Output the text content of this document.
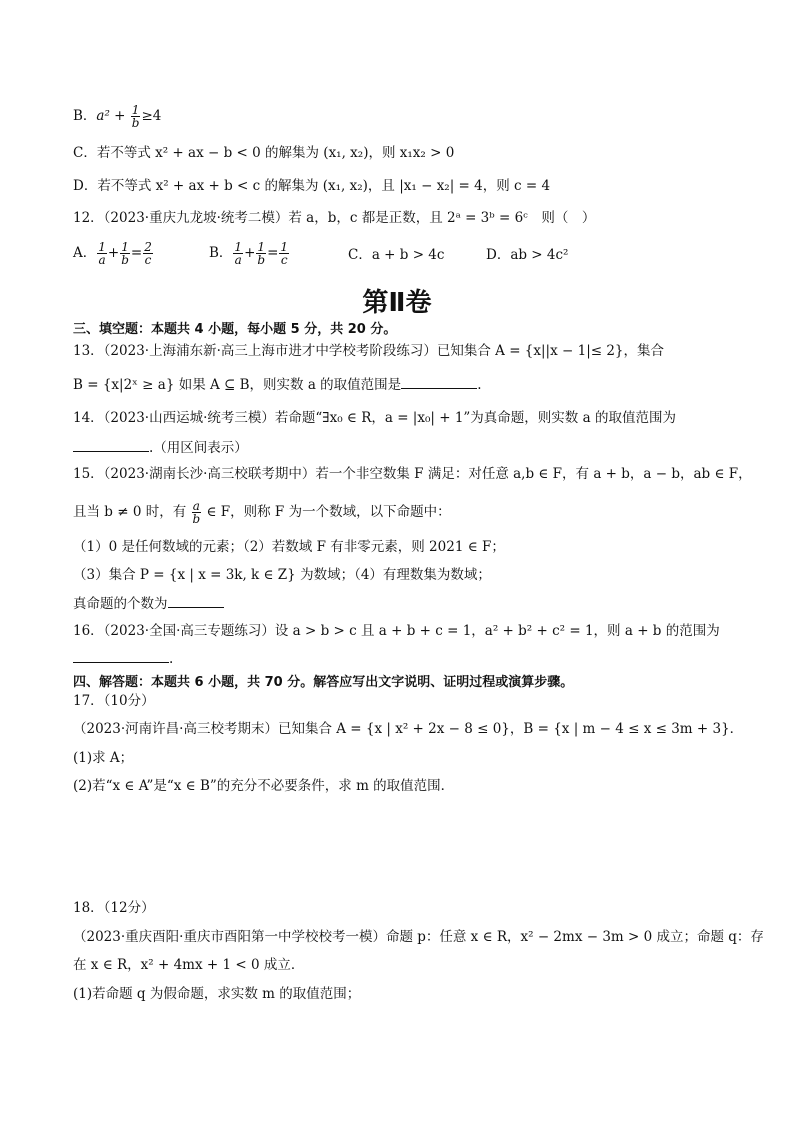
B．$a^2 + \frac{1}{b} \ge 4$
C．若不等式 x² + ax − b < 0 的解集为 (x₁, x₂)，则 x₁x₂ > 0
D．若不等式 x² + ax + b < c 的解集为 (x₁, x₂)，且 |x₁ − x₂| = 4，则 c = 4
12．（2023·重庆九龙坡·统考二模）若 a，b，c 都是正数，且 2ᵃ = 3ᵇ = 6ᶜ　则（　）
A． $\frac{1}{a} + \frac{1}{b} = \frac{2}{c}$	B． $\frac{1}{a} + \frac{1}{b} = \frac{1}{c}$	C．a + b > 4c	D．ab > 4c²
第Ⅱ卷
三、填空题：本题共 4 小题，每小题 5 分，共 20 分。
13．（2023·上海浦东新·高三上海市进才中学校考阶段练习）已知集合 A = {x||x − 1|≤ 2}，集合
B = {x|2ˣ ≥ a} 如果 A ⊆ B，则实数 a 的取值范围是	.
14．（2023·山西运城·统考三模）若命题“∃x₀ ∈ R，a = |x₀| + 1”为真命题，则实数 a 的取值范围为
.（用区间表示）
15．（2023·湖南长沙·高三校联考期中）若一个非空数集 F 满足：对任意 a,b ∈ F，有 a + b，a − b，ab ∈ F，
且当 b ≠ 0 时，有 $\frac{a}{b}$ ∈ F，则称 F 为一个数域，以下命题中：
（1）0 是任何数域的元素；（2）若数域 F 有非零元素，则 2021 ∈ F；
（3）集合 P = {x | x = 3k, k ∈ Z} 为数域；（4）有理数集为数域；
真命题的个数为
16．（2023·全国·高三专题练习）设 a > b > c 且 a + b + c = 1，a² + b² + c² = 1，则 a + b 的范围为
.
四、解答题：本题共 6 小题，共 70 分。解答应写出文字说明、证明过程或演算步骤。
17．（10分）
（2023·河南许昌·高三校考期末）已知集合 A = {x | x² + 2x − 8 ≤ 0}，B = {x | m − 4 ≤ x ≤ 3m + 3}．
(1)求 A；
(2)若“x ∈ A”是“x ∈ B”的充分不必要条件，求 m 的取值范围．
18．（12分）
（2023·重庆酉阳·重庆市酉阳第一中学校校考一模）命题 p：任意 x ∈ R，x² − 2mx − 3m > 0 成立；命题 q：存
在 x ∈ R，x² + 4mx + 1 < 0 成立．
(1)若命题 q 为假命题，求实数 m 的取值范围；
